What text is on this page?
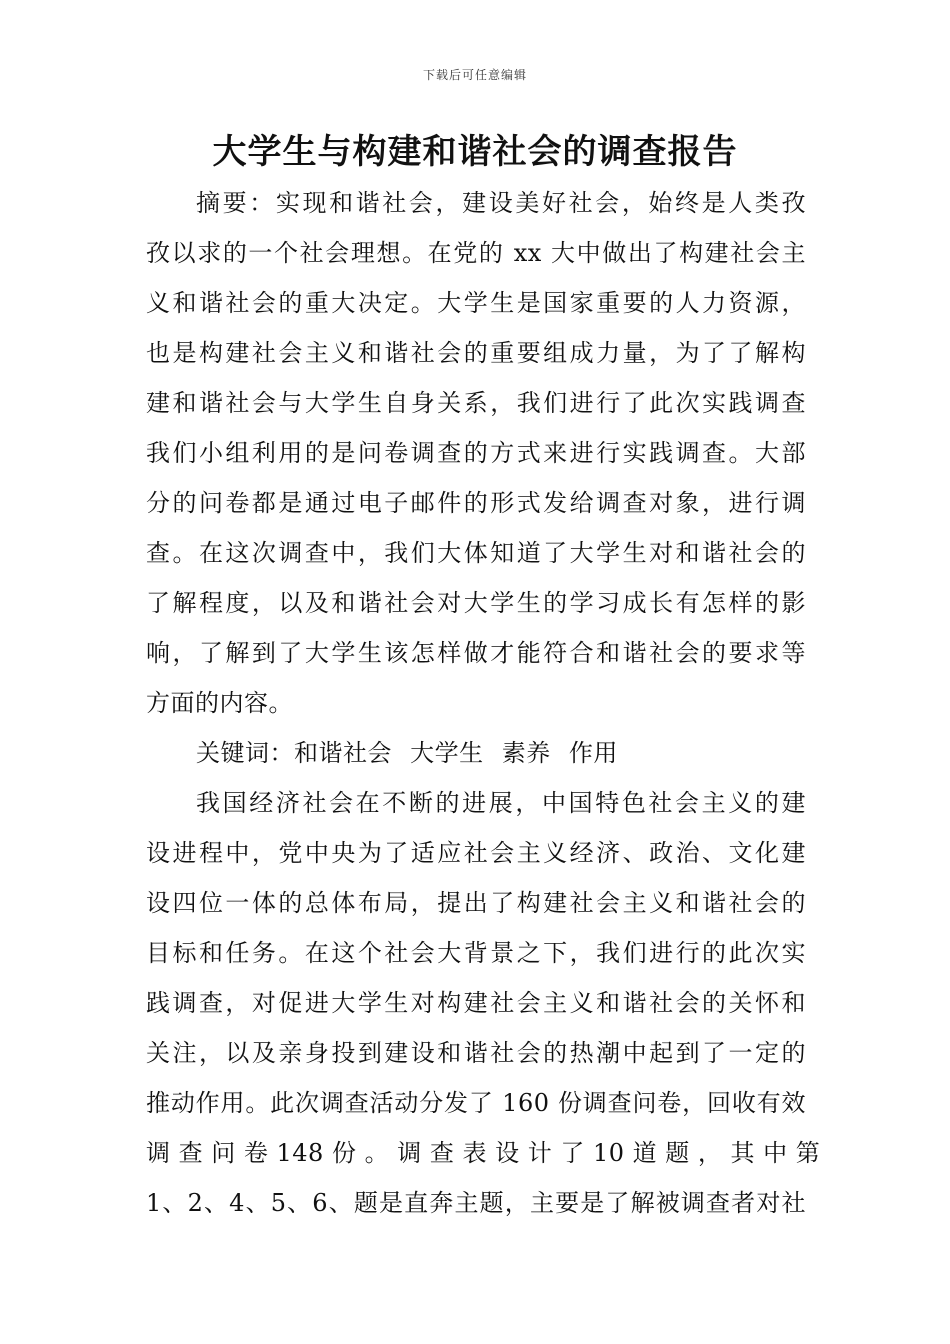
下载后可任意编辑
大学生与构建和谐社会的调查报告
摘要：实现和谐社会，建设美好社会，始终是人类孜
孜以求的一个社会理想。在党的 xx 大中做出了构建社会主
义和谐社会的重大决定。大学生是国家重要的人力资源，
也是构建社会主义和谐社会的重要组成力量，为了了解构
建和谐社会与大学生自身关系，我们进行了此次实践调查
我们小组利用的是问卷调查的方式来进行实践调查。大部
分的问卷都是通过电子邮件的形式发给调查对象，进行调
查。在这次调查中，我们大体知道了大学生对和谐社会的
了解程度，以及和谐社会对大学生的学习成长有怎样的影
响，了解到了大学生该怎样做才能符合和谐社会的要求等
方面的内容。
关键词：和谐社会 大学生 素养 作用
我国经济社会在不断的进展，中国特色社会主义的建
设进程中，党中央为了适应社会主义经济、政治、文化建
设四位一体的总体布局，提出了构建社会主义和谐社会的
目标和任务。在这个社会大背景之下，我们进行的此次实
践调查，对促进大学生对构建社会主义和谐社会的关怀和
关注，以及亲身投到建设和谐社会的热潮中起到了一定的
推动作用。此次调查活动分发了 160 份调查问卷，回收有效
调 查 问 卷 148 份 。 调 查 表 设 计 了 10 道 题 ， 其 中 第
1、2、4、5、6、题是直奔主题，主要是了解被调查者对社
